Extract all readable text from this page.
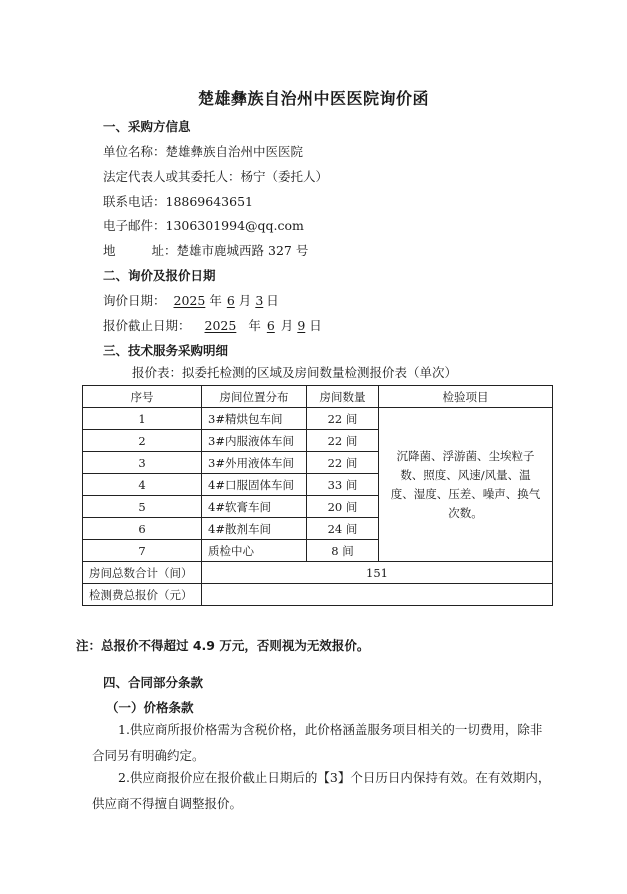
楚雄彝族自治州中医医院询价函
一、采购方信息
单位名称：楚雄彝族自治州中医医院
法定代表人或其委托人：杨宁（委托人）
联系电话：18869643651
电子邮件：1306301994@qq.com
地	址：楚雄市鹿城西路 327 号
二、询价及报价日期
询价日期： 2025 年 6 月 3 日
报价截止日期： 2025 年 6 月 9 日
三、技术服务采购明细
报价表：拟委托检测的区域及房间数量检测报价表（单次）
序号	房间位置分布	房间数量	检验项目
1	3#精烘包车间	22 间	沉降菌、浮游菌、尘埃粒子数、照度、风速/风量、温度、湿度、压差、噪声、换气次数。
2	3#内服液体车间	22 间	
3	3#外用液体车间	22 间	
4	4#口服固体车间	33 间	
5	4#软膏车间	20 间	
6	4#散剂车间	24 间	
7	质检中心	8 间	
房间总数合计（间）	151		
检测费总报价（元）			
注：总报价不得超过 4.9 万元，否则视为无效报价。
四、合同部分条款
（一）价格条款
1.供应商所报价格需为含税价格，此价格涵盖服务项目相关的一切费用，除非合同另有明确约定。
2.供应商报价应在报价截止日期后的【3】个日历日内保持有效。在有效期内，供应商不得擅自调整报价。
